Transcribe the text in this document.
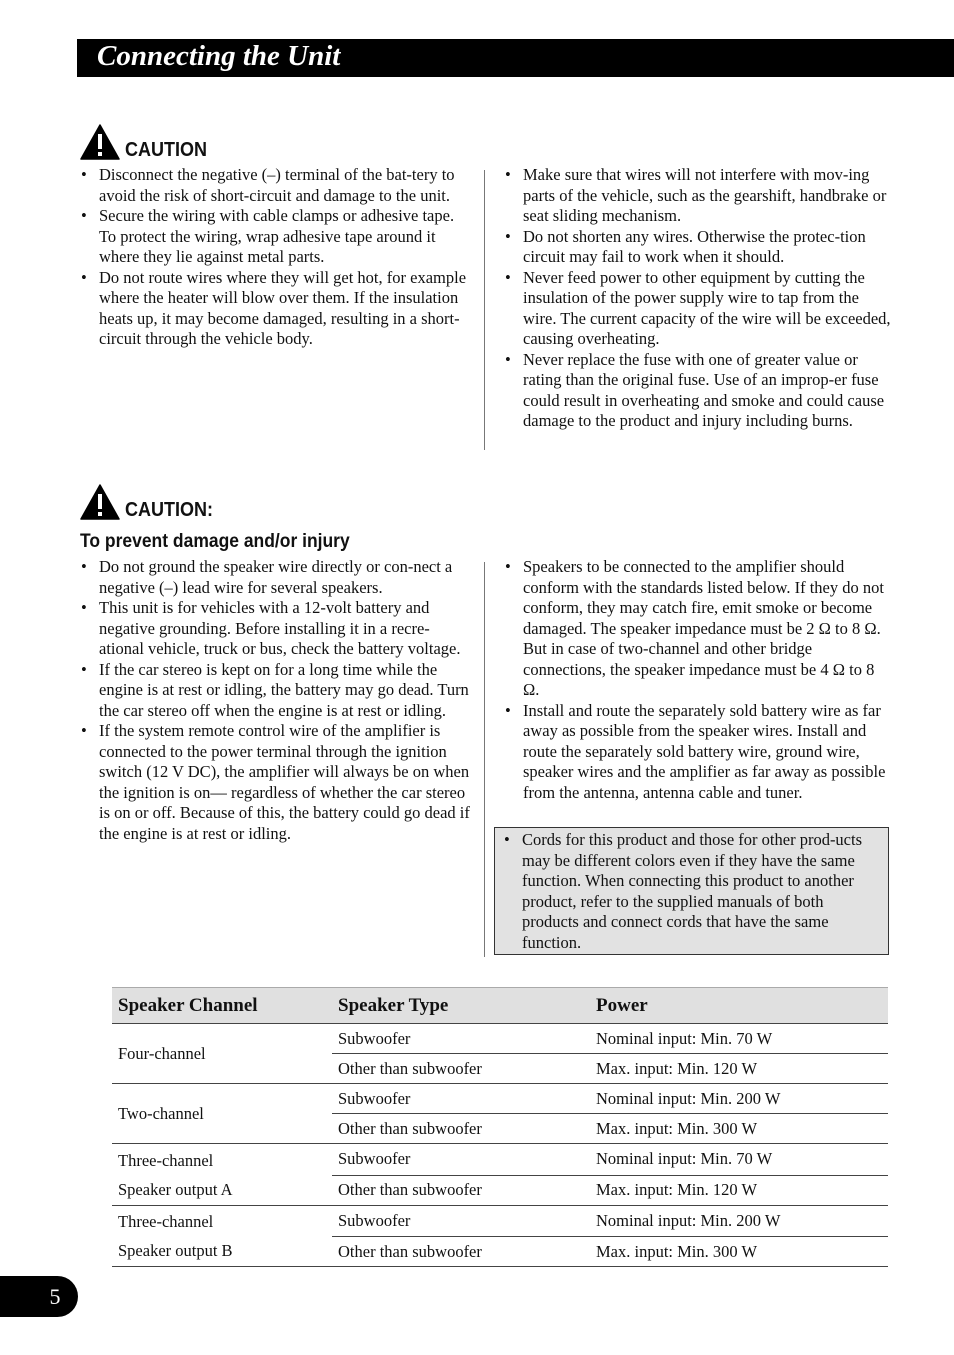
Connecting the Unit
CAUTION
• Disconnect the negative (–) terminal of the bat-tery to avoid the risk of short-circuit and damage to the unit.
• Secure the wiring with cable clamps or adhesive tape. To protect the wiring, wrap adhesive tape around it where they lie against metal parts.
• Do not route wires where they will get hot, for example where the heater will blow over them. If the insulation heats up, it may become damaged, resulting in a short-circuit through the vehicle body.
• Make sure that wires will not interfere with mov-ing parts of the vehicle, such as the gearshift, handbrake or seat sliding mechanism.
• Do not shorten any wires. Otherwise the protec-tion circuit may fail to work when it should.
• Never feed power to other equipment by cutting the insulation of the power supply wire to tap from the wire. The current capacity of the wire will be exceeded, causing overheating.
• Never replace the fuse with one of greater value or rating than the original fuse. Use of an improp-er fuse could result in overheating and smoke and could cause damage to the product and injury including burns.
CAUTION:
To prevent damage and/or injury
• Do not ground the speaker wire directly or con-nect a negative (–) lead wire for several speakers.
• This unit is for vehicles with a 12-volt battery and negative grounding. Before installing it in a recre-ational vehicle, truck or bus, check the battery voltage.
• If the car stereo is kept on for a long time while the engine is at rest or idling, the battery may go dead. Turn the car stereo off when the engine is at rest or idling.
• If the system remote control wire of the amplifier is connected to the power terminal through the ignition switch (12 V DC), the amplifier will always be on when the ignition is on— regardless of whether the car stereo is on or off. Because of this, the battery could go dead if the engine is at rest or idling.
• Speakers to be connected to the amplifier should conform with the standards listed below. If they do not conform, they may catch fire, emit smoke or become damaged. The speaker impedance must be 2 Ω to 8 Ω. But in case of two-channel and other bridge connections, the speaker impedance must be 4 Ω to 8 Ω.
• Install and route the separately sold battery wire as far away as possible from the speaker wires. Install and route the separately sold battery wire, ground wire, speaker wires and the amplifier as far away as possible from the antenna, antenna cable and tuner.
• Cords for this product and those for other prod-ucts may be different colors even if they have the same function. When connecting this product to another product, refer to the supplied manuals of both products and connect cords that have the same function.
Speaker Channel	Speaker Type	Power
Four-channel	Subwoofer	Nominal input: Min. 70 W
	Other than subwoofer	Max. input: Min. 120 W
Two-channel	Subwoofer	Nominal input: Min. 200 W
	Other than subwoofer	Max. input: Min. 300 W
Three-channel	Subwoofer	Nominal input: Min. 70 W
Speaker output A	Other than subwoofer	Max. input: Min. 120 W
Three-channel	Subwoofer	Nominal input: Min. 200 W
Speaker output B	Other than subwoofer	Max. input: Min. 300 W
5
